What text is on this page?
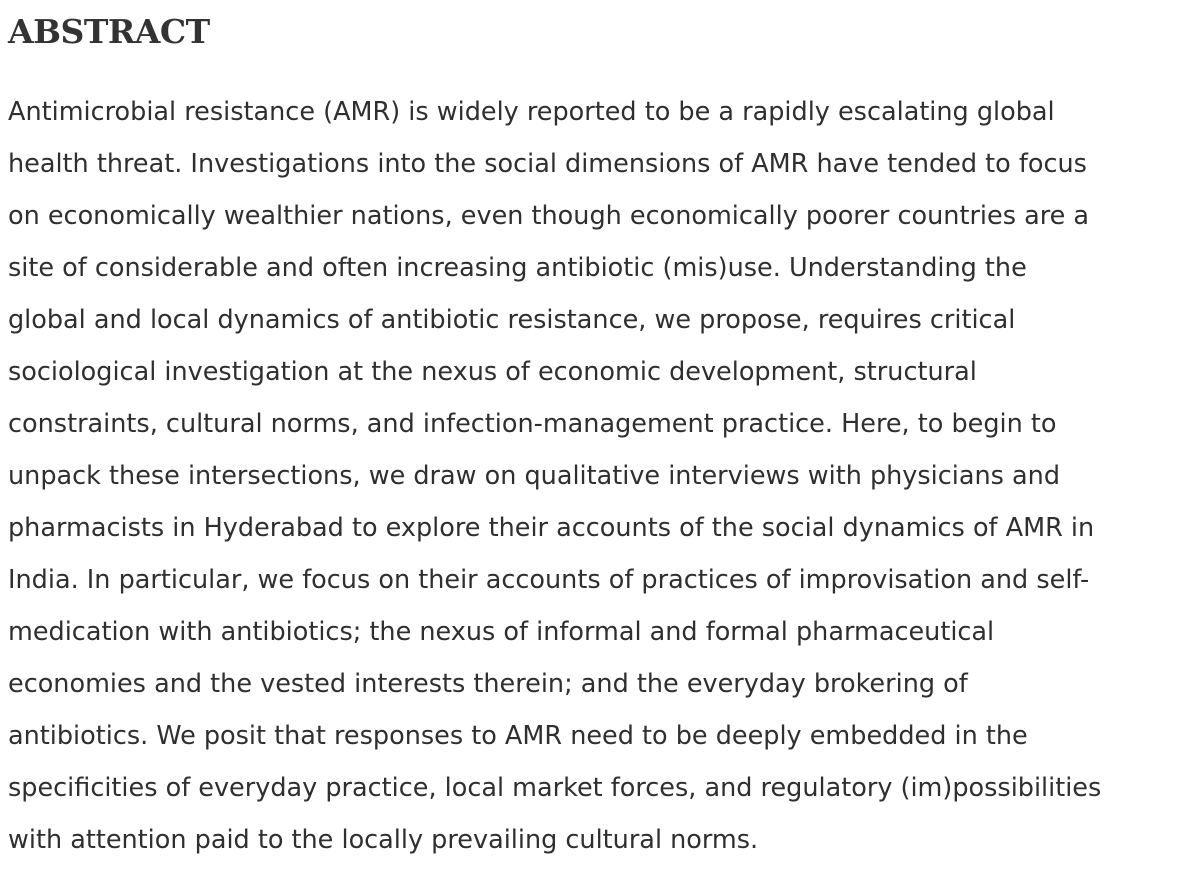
ABSTRACT
Antimicrobial resistance (AMR) is widely reported to be a rapidly escalating global
health threat. Investigations into the social dimensions of AMR have tended to focus
on economically wealthier nations, even though economically poorer countries are a
site of considerable and often increasing antibiotic (mis)use. Understanding the
global and local dynamics of antibiotic resistance, we propose, requires critical
sociological investigation at the nexus of economic development, structural
constraints, cultural norms, and infection-management practice. Here, to begin to
unpack these intersections, we draw on qualitative interviews with physicians and
pharmacists in Hyderabad to explore their accounts of the social dynamics of AMR in
India. In particular, we focus on their accounts of practices of improvisation and self-
medication with antibiotics; the nexus of informal and formal pharmaceutical
economies and the vested interests therein; and the everyday brokering of
antibiotics. We posit that responses to AMR need to be deeply embedded in the
specificities of everyday practice, local market forces, and regulatory (im)possibilities
with attention paid to the locally prevailing cultural norms.
